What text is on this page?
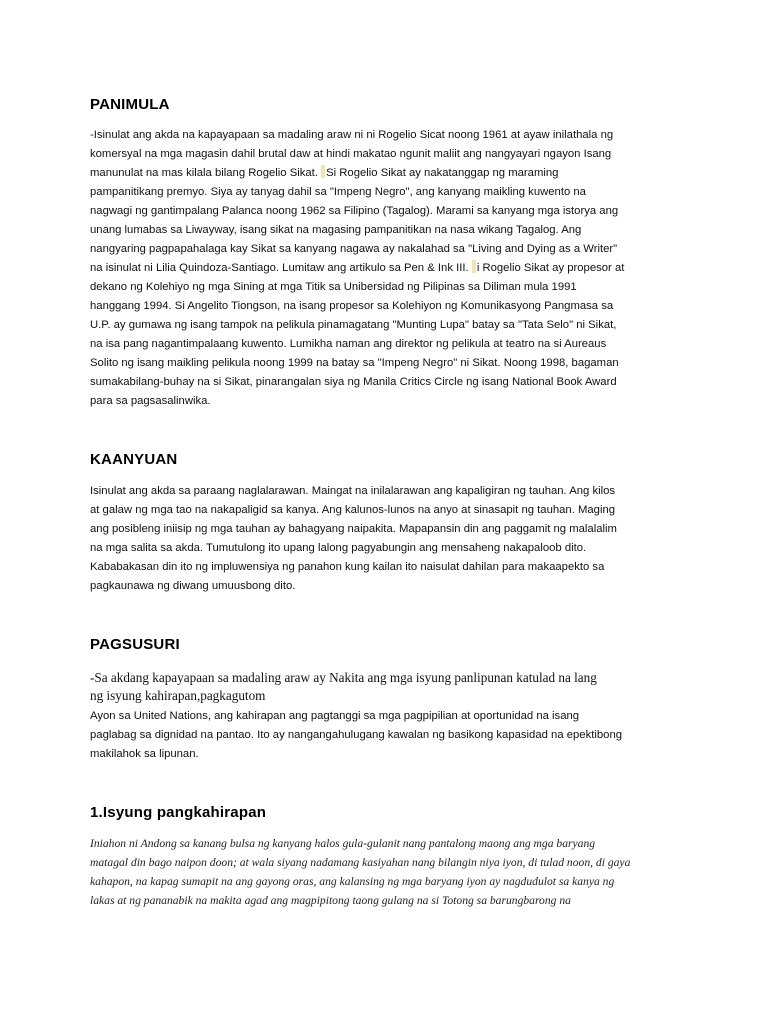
PANIMULA
-Isinulat ang akda na kapayapaan sa madaling araw ni ni Rogelio Sicat noong 1961 at ayaw inilathala ng
komersyal na mga magasin dahil brutal daw at hindi makatao ngunit maliit ang nangyayari ngayon Isang
manunulat na mas kilala bilang Rogelio Sikat. Si Rogelio Sikat ay nakatanggap ng maraming
pampanitikang premyo. Siya ay tanyag dahil sa "Impeng Negro", ang kanyang maikling kuwento na
nagwagi ng gantimpalang Palanca noong 1962 sa Filipino (Tagalog). Marami sa kanyang mga istorya ang
unang lumabas sa Liwayway, isang sikat na magasing pampanitikan na nasa wikang Tagalog. Ang
nangyaring pagpapahalaga kay Sikat sa kanyang nagawa ay nakalahad sa "Living and Dying as a Writer"
na isinulat ni Lilia Quindoza-Santiago. Lumitaw ang artikulo sa Pen & Ink III. i Rogelio Sikat ay propesor at
dekano ng Kolehiyo ng mga Sining at mga Titik sa Unibersidad ng Pilipinas sa Diliman mula 1991
hanggang 1994. Si Angelito Tiongson, na isang propesor sa Kolehiyon ng Komunikasyong Pangmasa sa
U.P. ay gumawa ng isang tampok na pelikula pinamagatang "Munting Lupa" batay sa "Tata Selo" ni Sikat,
na isa pang nagantimpalaang kuwento. Lumikha naman ang direktor ng pelikula at teatro na si Aureaus
Solito ng isang maikling pelikula noong 1999 na batay sa "Impeng Negro" ni Sikat. Noong 1998, bagaman
sumakabilang-buhay na si Sikat, pinarangalan siya ng Manila Critics Circle ng isang National Book Award
para sa pagsasalinwika.
KAANYUAN
Isinulat ang akda sa paraang naglalarawan. Maingat na inilalarawan ang kapaligiran ng tauhan. Ang kilos
at galaw ng mga tao na nakapaligid sa kanya. Ang kalunos-lunos na anyo at sinasapit ng tauhan. Maging
ang posibleng iniisip ng mga tauhan ay bahagyang naipakita. Mapapansin din ang paggamit ng malalalim
na mga salita sa akda. Tumutulong ito upang lalong pagyabungin ang mensaheng nakapaloob dito.
Kababakasan din ito ng impluwensiya ng panahon kung kailan ito naisulat dahilan para makaapekto sa
pagkaunawa ng diwang umuusbong dito.
PAGSUSURI
-Sa akdang kapayapaan sa madaling araw ay Nakita ang mga isyung panlipunan katulad na lang
ng isyung kahirapan,pagkagutom
Ayon sa United Nations, ang kahirapan ang pagtanggi sa mga pagpipilian at oportunidad na isang
paglabag sa dignidad na pantao. Ito ay nangangahulugang kawalan ng basikong kapasidad na epektibong
makilahok sa lipunan.
1.Isyung pangkahirapan
Iniahon ni Andong sa kanang bulsa ng kanyang halos gula-gulanit nang pantalong maong ang mga baryang
matagal din bago naipon doon; at wala siyang nadamang kasiyahan nang bilangin niya iyon, di tulad noon, di gaya
kahapon, na kapag sumapit na ang gayong oras, ang kalansing ng mga baryang iyon ay nagdudulot sa kanya ng
lakas at ng pananabik na makita agad ang magpipitong taong gulang na si Totong sa barungbarong na
